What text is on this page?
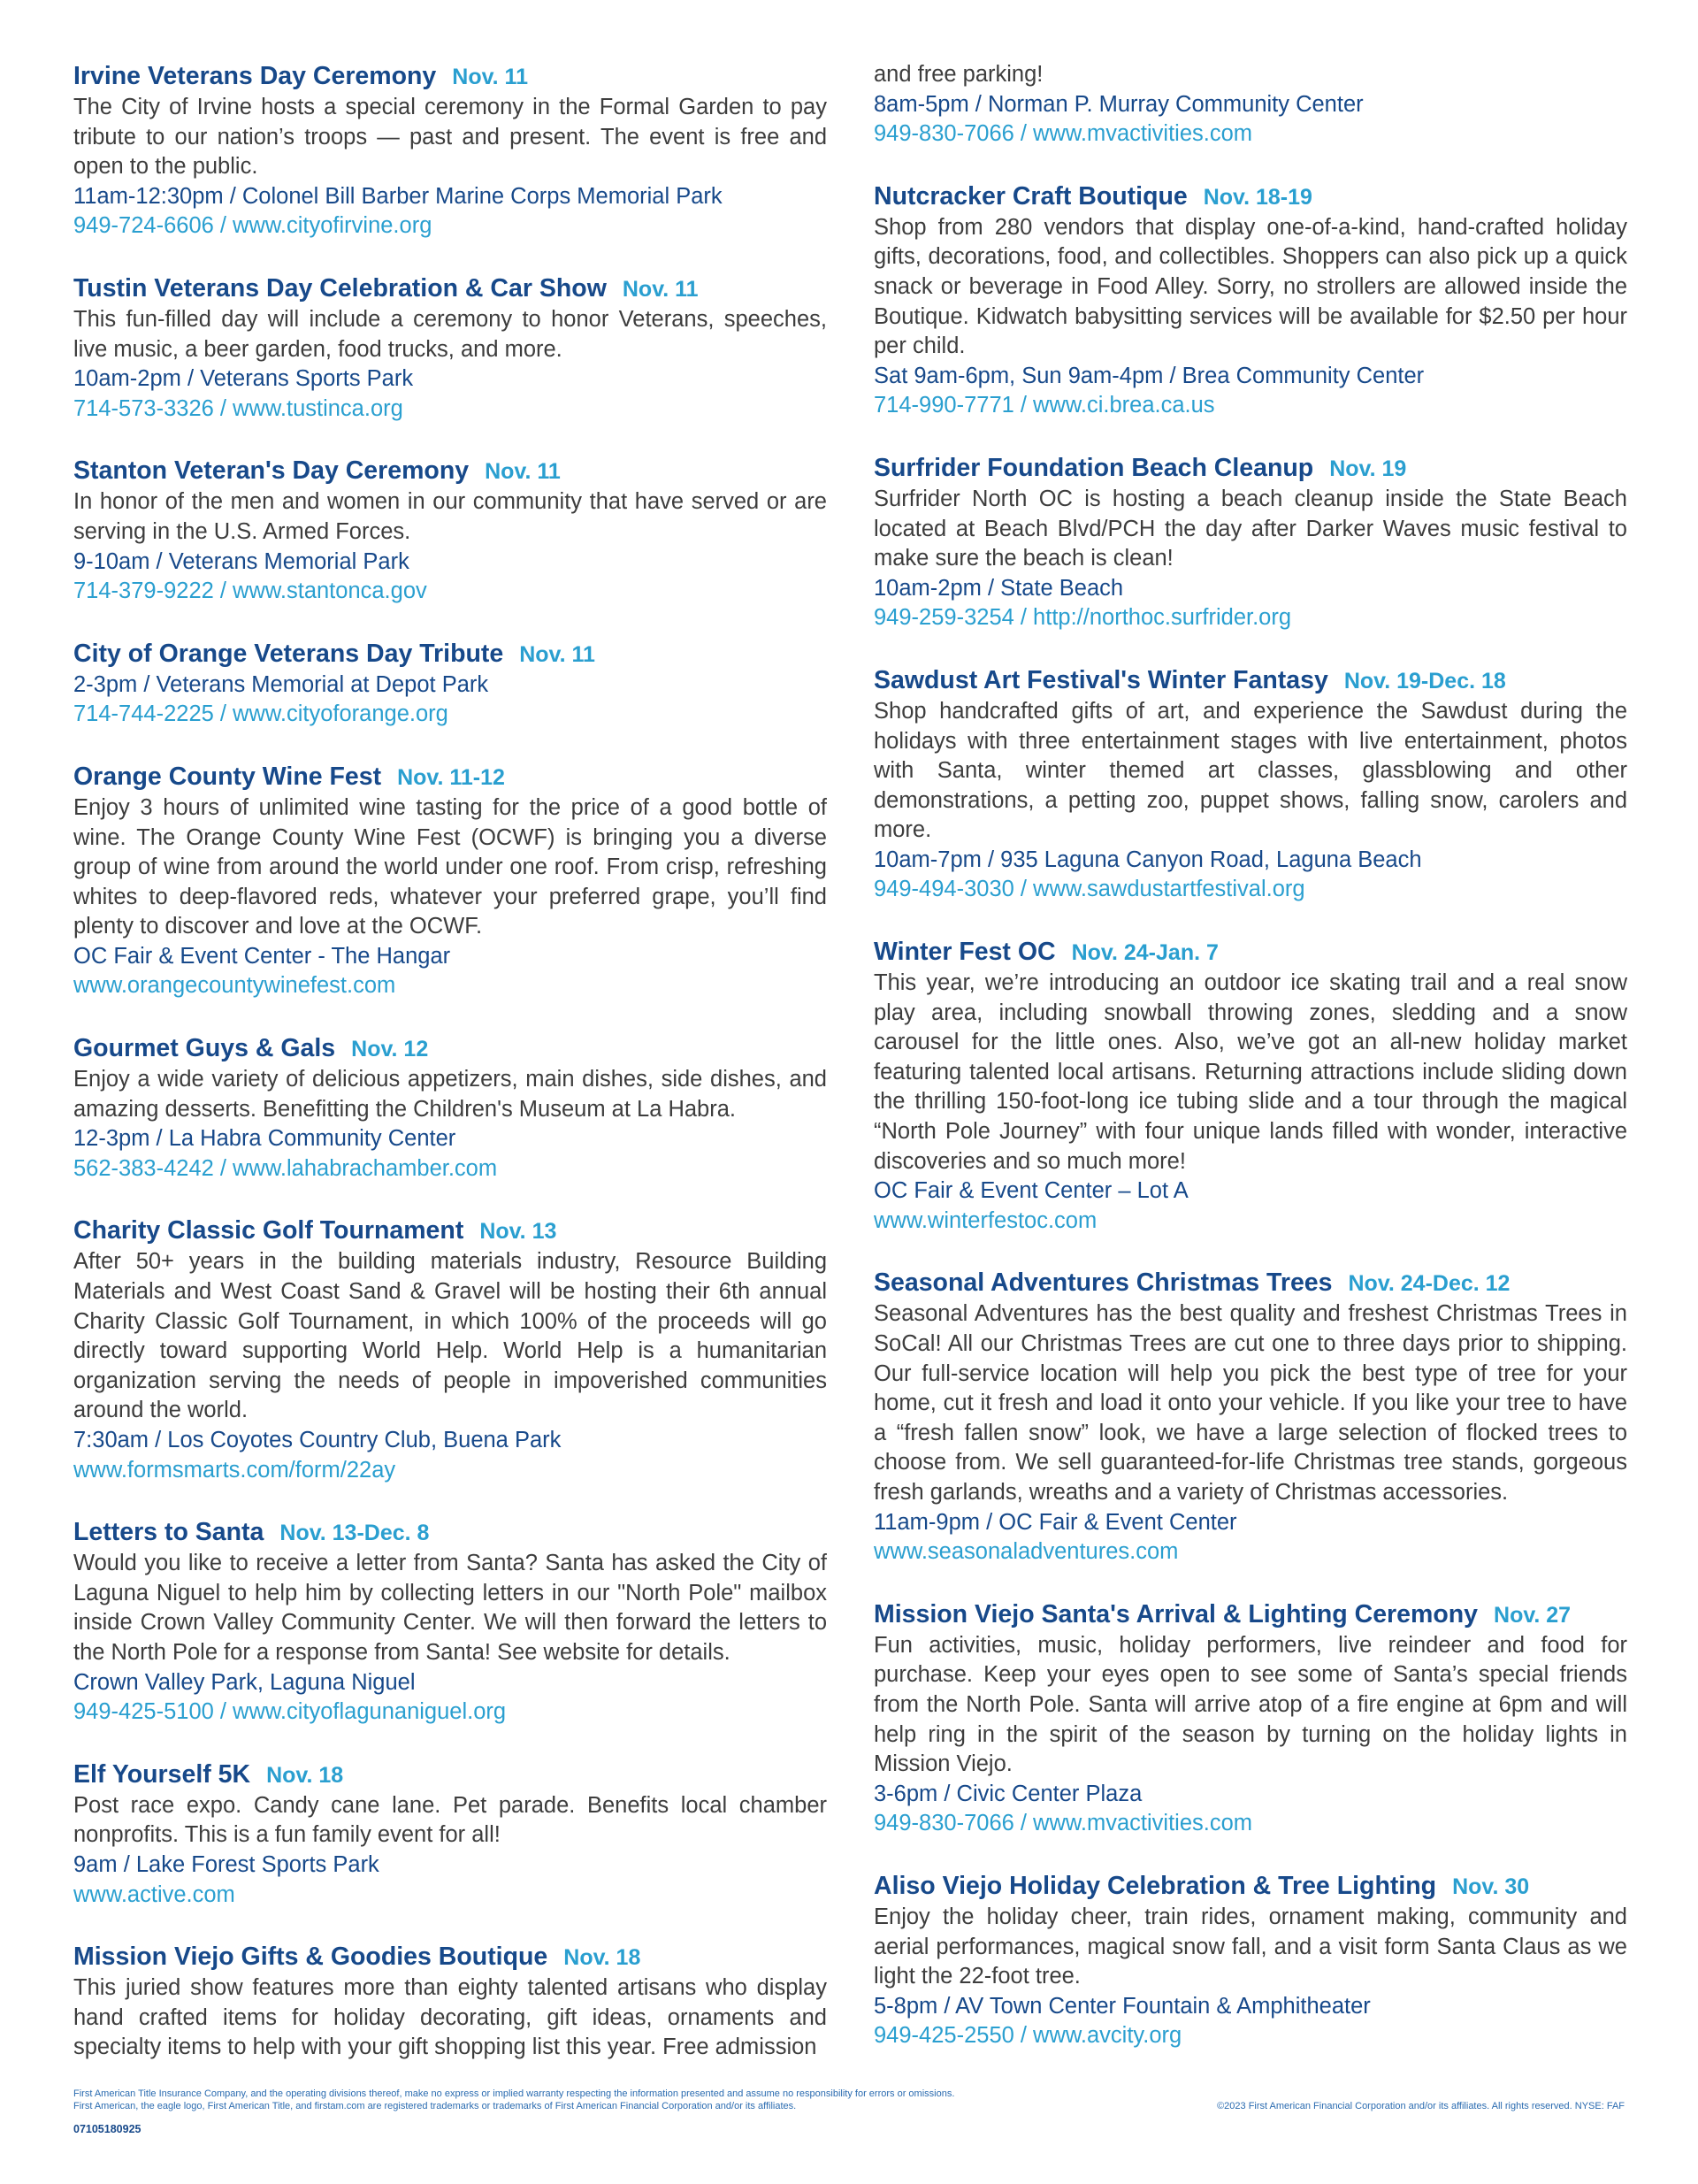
Irvine Veterans Day Ceremony Nov. 11

The City of Irvine hosts a special ceremony in the Formal Garden to pay tribute to our nation’s troops — past and present. The event is free and open to the public.

11am-12:30pm / Colonel Bill Barber Marine Corps Memorial Park

949-724-6606 / www.cityofirvine.org

Tustin Veterans Day Celebration & Car Show Nov. 11

This fun-filled day will include a ceremony to honor Veterans, speeches, live music, a beer garden, food trucks, and more.

10am-2pm / Veterans Sports Park

714-573-3326 / www.tustinca.org

Stanton Veteran's Day Ceremony Nov. 11

In honor of the men and women in our community that have served or are serving in the U.S. Armed Forces.

9-10am / Veterans Memorial Park

714-379-9222 / www.stantonca.gov

City of Orange Veterans Day Tribute Nov. 11

2-3pm / Veterans Memorial at Depot Park

714-744-2225 / www.cityoforange.org

Orange County Wine Fest Nov. 11-12

Enjoy 3 hours of unlimited wine tasting for the price of a good bottle of wine. The Orange County Wine Fest (OCWF) is bringing you a diverse group of wine from around the world under one roof. From crisp, refreshing whites to deep-flavored reds, whatever your preferred grape, you’ll find plenty to discover and love at the OCWF.

OC Fair & Event Center - The Hangar

www.orangecountywinefest.com

Gourmet Guys & Gals Nov. 12

Enjoy a wide variety of delicious appetizers, main dishes, side dishes, and amazing desserts. Benefitting the Children's Museum at La Habra.

12-3pm / La Habra Community Center

562-383-4242 / www.lahabrachamber.com

Charity Classic Golf Tournament Nov. 13

After 50+ years in the building materials industry, Resource Building Materials and West Coast Sand & Gravel will be hosting their 6th annual Charity Classic Golf Tournament, in which 100% of the proceeds will go directly toward supporting World Help. World Help is a humanitarian organization serving the needs of people in impoverished communities around the world.

7:30am / Los Coyotes Country Club, Buena Park

www.formsmarts.com/form/22ay

Letters to Santa Nov. 13-Dec. 8

Would you like to receive a letter from Santa? Santa has asked the City of Laguna Niguel to help him by collecting letters in our "North Pole" mailbox inside Crown Valley Community Center. We will then forward the letters to the North Pole for a response from Santa! See website for details.

Crown Valley Park, Laguna Niguel

949-425-5100 / www.cityoflagunaniguel.org

Elf Yourself 5K Nov. 18

Post race expo. Candy cane lane. Pet parade. Benefits local chamber nonprofits. This is a fun family event for all!

9am / Lake Forest Sports Park

www.active.com

Mission Viejo Gifts & Goodies Boutique Nov. 18

This juried show features more than eighty talented artisans who display hand crafted items for holiday decorating, gift ideas, ornaments and specialty items to help with your gift shopping list this year. Free admission

and free parking!

8am-5pm / Norman P. Murray Community Center

949-830-7066 / www.mvactivities.com

Nutcracker Craft Boutique Nov. 18-19

Shop from 280 vendors that display one-of-a-kind, hand-crafted holiday gifts, decorations, food, and collectibles. Shoppers can also pick up a quick snack or beverage in Food Alley. Sorry, no strollers are allowed inside the Boutique. Kidwatch babysitting services will be available for $2.50 per hour per child.

Sat 9am-6pm, Sun 9am-4pm / Brea Community Center

714-990-7771 / www.ci.brea.ca.us

Surfrider Foundation Beach Cleanup Nov. 19

Surfrider North OC is hosting a beach cleanup inside the State Beach located at Beach Blvd/PCH the day after Darker Waves music festival to make sure the beach is clean!

10am-2pm / State Beach

949-259-3254 / http://northoc.surfrider.org

Sawdust Art Festival's Winter Fantasy Nov. 19-Dec. 18

Shop handcrafted gifts of art, and experience the Sawdust during the holidays with three entertainment stages with live entertainment, photos with Santa, winter themed art classes, glassblowing and other demonstrations, a petting zoo, puppet shows, falling snow, carolers and more.

10am-7pm / 935 Laguna Canyon Road, Laguna Beach

949-494-3030 / www.sawdustartfestival.org

Winter Fest OC Nov. 24-Jan. 7

This year, we’re introducing an outdoor ice skating trail and a real snow play area, including snowball throwing zones, sledding and a snow carousel for the little ones. Also, we’ve got an all-new holiday market featuring talented local artisans. Returning attractions include sliding down the thrilling 150-foot-long ice tubing slide and a tour through the magical “North Pole Journey” with four unique lands filled with wonder, interactive discoveries and so much more!

OC Fair & Event Center – Lot A

www.winterfestoc.com

Seasonal Adventures Christmas Trees Nov. 24-Dec. 12

Seasonal Adventures has the best quality and freshest Christmas Trees in SoCal! All our Christmas Trees are cut one to three days prior to shipping. Our full-service location will help you pick the best type of tree for your home, cut it fresh and load it onto your vehicle. If you like your tree to have a “fresh fallen snow” look, we have a large selection of flocked trees to choose from. We sell guaranteed-for-life Christmas tree stands, gorgeous fresh garlands, wreaths and a variety of Christmas accessories.

11am-9pm / OC Fair & Event Center

www.seasonaladventures.com

Mission Viejo Santa's Arrival & Lighting Ceremony Nov. 27

Fun activities, music, holiday performers, live reindeer and food for purchase. Keep your eyes open to see some of Santa’s special friends from the North Pole. Santa will arrive atop of a fire engine at 6pm and will help ring in the spirit of the season by turning on the holiday lights in Mission Viejo.

3-6pm / Civic Center Plaza

949-830-7066 / www.mvactivities.com

Aliso Viejo Holiday Celebration & Tree Lighting Nov. 30

Enjoy the holiday cheer, train rides, ornament making, community and aerial performances, magical snow fall, and a visit form Santa Claus as we light the 22-foot tree.

5-8pm / AV Town Center Fountain & Amphitheater

949-425-2550 / www.avcity.org

First American Title Insurance Company, and the operating divisions thereof, make no express or implied warranty respecting the information presented and assume no responsibility for errors or omissions.

First American, the eagle logo, First American Title, and firstam.com are registered trademarks or trademarks of First American Financial Corporation and/or its affiliates.	©2023 First American Financial Corporation and/or its affiliates. All rights reserved. NYSE: FAF

07105180925
